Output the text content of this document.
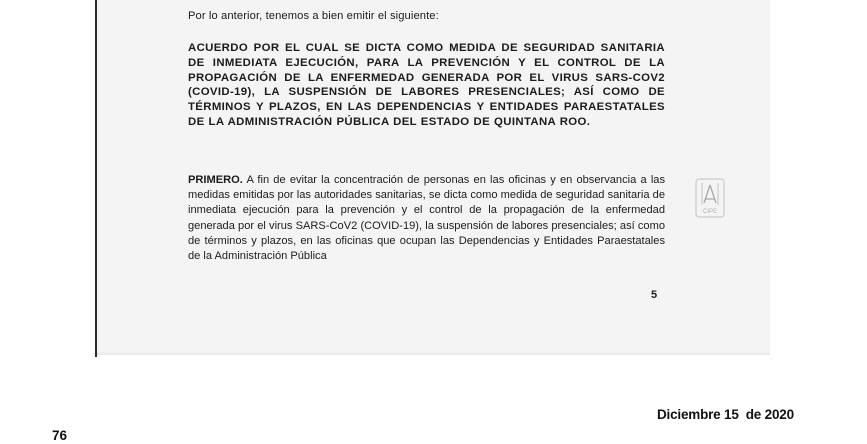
Por lo anterior, tenemos a bien emitir el siguiente:

ACUERDO POR EL CUAL SE DICTA COMO MEDIDA DE SEGURIDAD SANITARIA DE INMEDIATA EJECUCIÓN, PARA LA PREVENCIÓN Y EL CONTROL DE LA PROPAGACIÓN DE LA ENFERMEDAD GENERADA POR EL VIRUS SARS-COV2 (COVID-19), LA SUSPENSIÓN DE LABORES PRESENCIALES; ASÍ COMO DE TÉRMINOS Y PLAZOS, EN LAS DEPENDENCIAS Y ENTIDADES PARAESTATALES DE LA ADMINISTRACIÓN PÚBLICA DEL ESTADO DE QUINTANA ROO.

PRIMERO. A fin de evitar la concentración de personas en las oficinas y en observancia a las medidas emitidas por las autoridades sanitarias, se dicta como medida de seguridad sanitaria de inmediata ejecución para la prevención y el control de la propagación de la enfermedad generada por el virus SARS-CoV2 (COVID-19), la suspensión de labores presenciales; así como de términos y plazos, en las oficinas que ocupan las Dependencias y Entidades Paraestatales de la Administración Pública

5
CIPE
Diciembre 15  de 2020
76
